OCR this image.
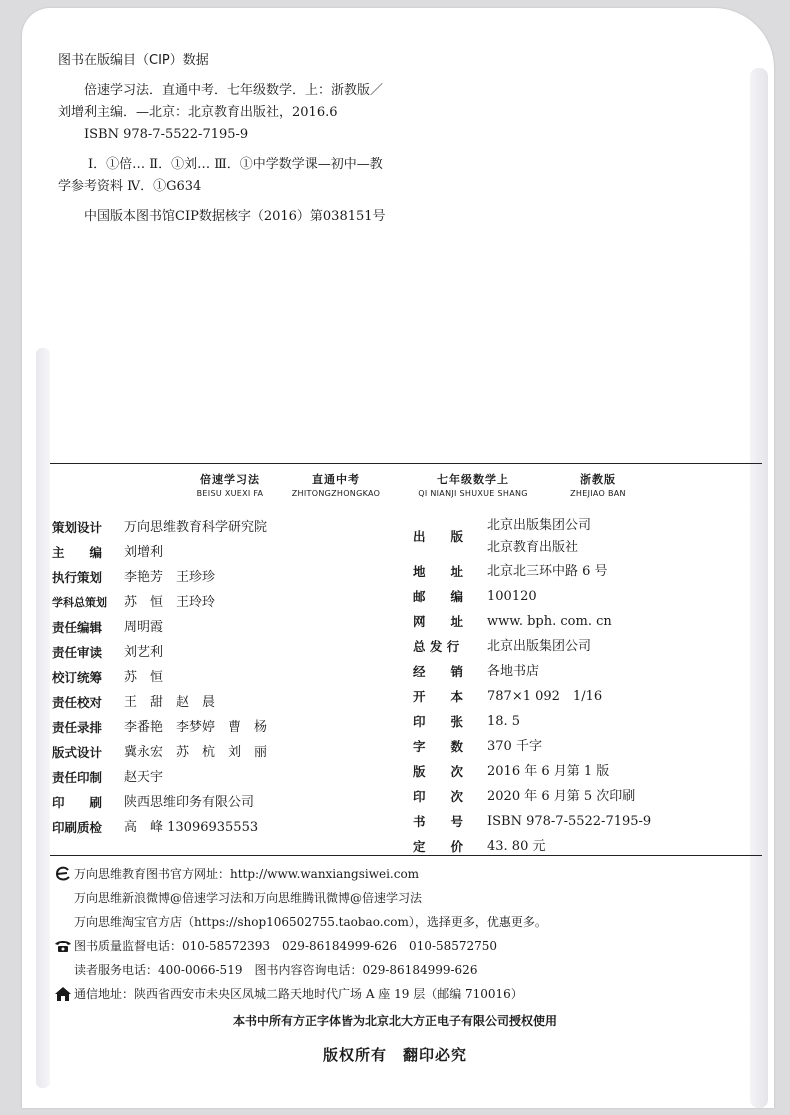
图书在版编目（CIP）数据
倍速学习法．直通中考．七年级数学．上：浙教版／
刘增利主编．—北京：北京教育出版社，2016.6
ISBN 978-7-5522-7195-9
Ⅰ．①倍… Ⅱ．①刘… Ⅲ．①中学数学课—初中—教
学参考资料 Ⅳ．①G634
中国版本图书馆CIP数据核字（2016）第038151号
倍速学习法
BEISU XUEXI FA
直通中考
ZHITONGZHONGKAO
七年级数学上
QI NIANJI SHUXUE SHANG
浙教版
ZHEJIAO BAN
策划设计	万向思维教育科学研究院
主　　编	刘增利
执行策划	李艳芳　王珍珍
学科总策划	苏　恒　王玲玲
责任编辑	周明霞
责任审读	刘艺利
校订统筹	苏　恒
责任校对	王　甜　赵　晨
责任录排	李番艳　李梦婷　曹　杨
版式设计	冀永宏　苏　杭　刘　丽
责任印制	赵天宇
印　　刷	陕西思维印务有限公司
印刷质检	高　峰 13096935553
出　　版
北京出版集团公司
北京教育出版社
地　　址	北京北三环中路 6 号
邮　　编	100120
网　　址	www. bph. com. cn
总 发 行	北京出版集团公司
经　　销	各地书店
开　　本	787×1 092　1/16
印　　张	18. 5
字　　数	370 千字
版　　次	2016 年 6 月第 1 版
印　　次	2020 年 6 月第 5 次印刷
书　　号	ISBN 978-7-5522-7195-9
定　　价	43. 80 元
万向思维教育图书官方网址：http://www.wanxiangsiwei.com
万向思维新浪微博@倍速学习法和万向思维腾讯微博@倍速学习法
万向思维淘宝官方店（https://shop106502755.taobao.com），选择更多，优惠更多。
图书质量监督电话：010-58572393　029-86184999-626　010-58572750
读者服务电话：400-0066-519　图书内容咨询电话：029-86184999-626
通信地址：陕西省西安市未央区凤城二路天地时代广场 A 座 19 层（邮编 710016）
本书中所有方正字体皆为北京北大方正电子有限公司授权使用
版权所有　翻印必究
